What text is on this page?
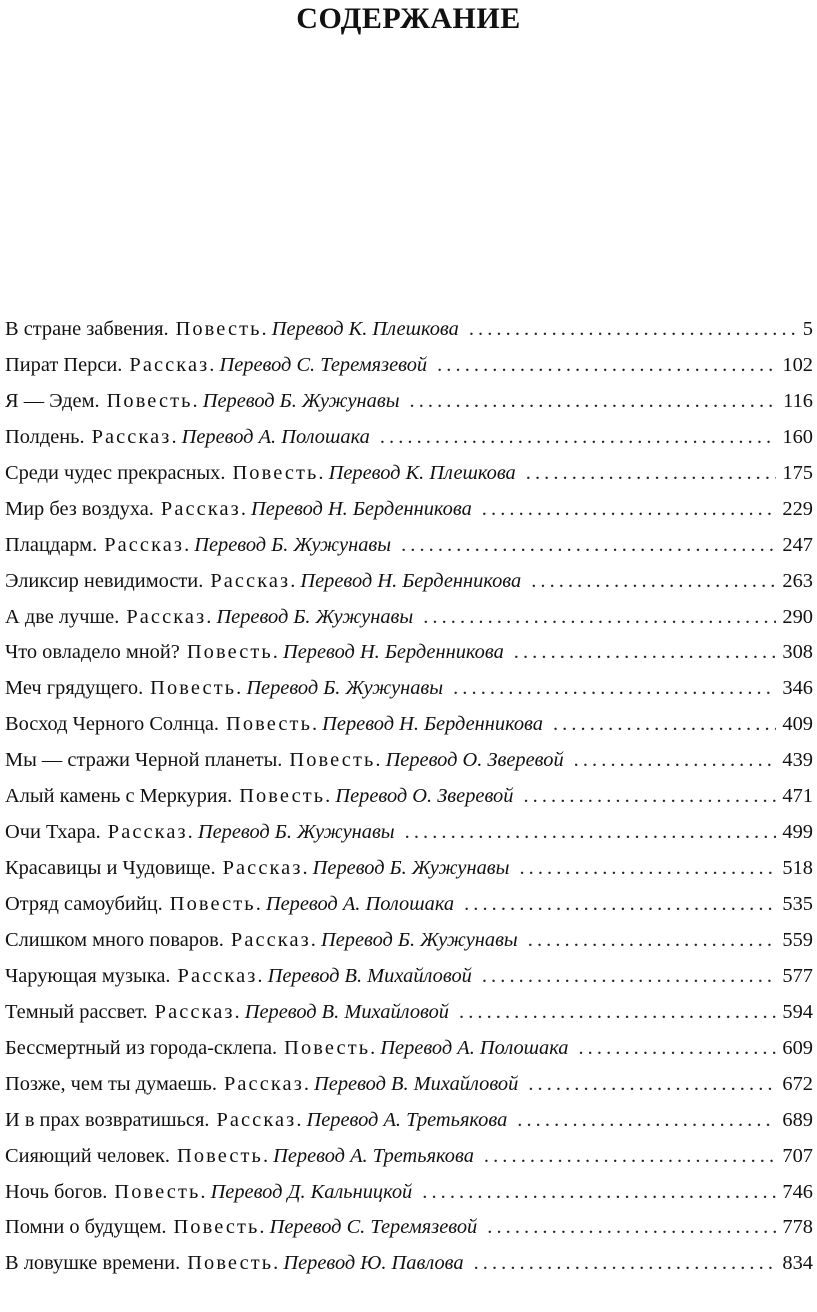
СОДЕРЖАНИЕ
В стране забвения. Повесть. Перевод К. Плешкова . . .	5
Пират Перси. Рассказ. Перевод С. Теремязевой . . .	102
Я — Эдем. Повесть. Перевод Б. Жужунавы . . .	116
Полдень. Рассказ. Перевод А. Полошака . . .	160
Среди чудес прекрасных. Повесть. Перевод К. Плешкова . . .	175
Мир без воздуха. Рассказ. Перевод Н. Берденникова . . .	229
Плацдарм. Рассказ. Перевод Б. Жужунавы . . .	247
Эликсир невидимости. Рассказ. Перевод Н. Берденникова . . .	263
А две лучше. Рассказ. Перевод Б. Жужунавы . . .	290
Что овладело мной? Повесть. Перевод Н. Берденникова . . .	308
Меч грядущего. Повесть. Перевод Б. Жужунавы . . .	346
Восход Черного Солнца. Повесть. Перевод Н. Берденникова . . .	409
Мы — стражи Черной планеты. Повесть. Перевод О. Зверевой . . .	439
Алый камень с Меркурия. Повесть. Перевод О. Зверевой . . .	471
Очи Тхара. Рассказ. Перевод Б. Жужунавы . . .	499
Красавицы и Чудовище. Рассказ. Перевод Б. Жужунавы . . .	518
Отряд самоубийц. Повесть. Перевод А. Полошака . . .	535
Слишком много поваров. Рассказ. Перевод Б. Жужунавы . . .	559
Чарующая музыка. Рассказ. Перевод В. Михайловой . . .	577
Темный рассвет. Рассказ. Перевод В. Михайловой . . .	594
Бессмертный из города-склепа. Повесть. Перевод А. Полошака . . .	609
Позже, чем ты думаешь. Рассказ. Перевод В. Михайловой . . .	672
И в прах возвратишься. Рассказ. Перевод А. Третьякова . . .	689
Сияющий человек. Повесть. Перевод А. Третьякова . . .	707
Ночь богов. Повесть. Перевод Д. Кальницкой . . .	746
Помни о будущем. Повесть. Перевод С. Теремязевой . . .	778
В ловушке времени. Повесть. Перевод Ю. Павлова . . .	834
